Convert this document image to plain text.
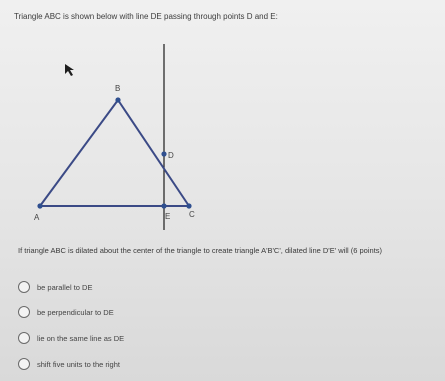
Triangle ABC is shown below with line DE passing through points D and E:
A
B
C
D
E
If triangle ABC is dilated about the center of the triangle to create triangle A'B'C', dilated line D'E' will (6 points)
be parallel to DE
be perpendicular to DE
lie on the same line as DE
shift five units to the right
